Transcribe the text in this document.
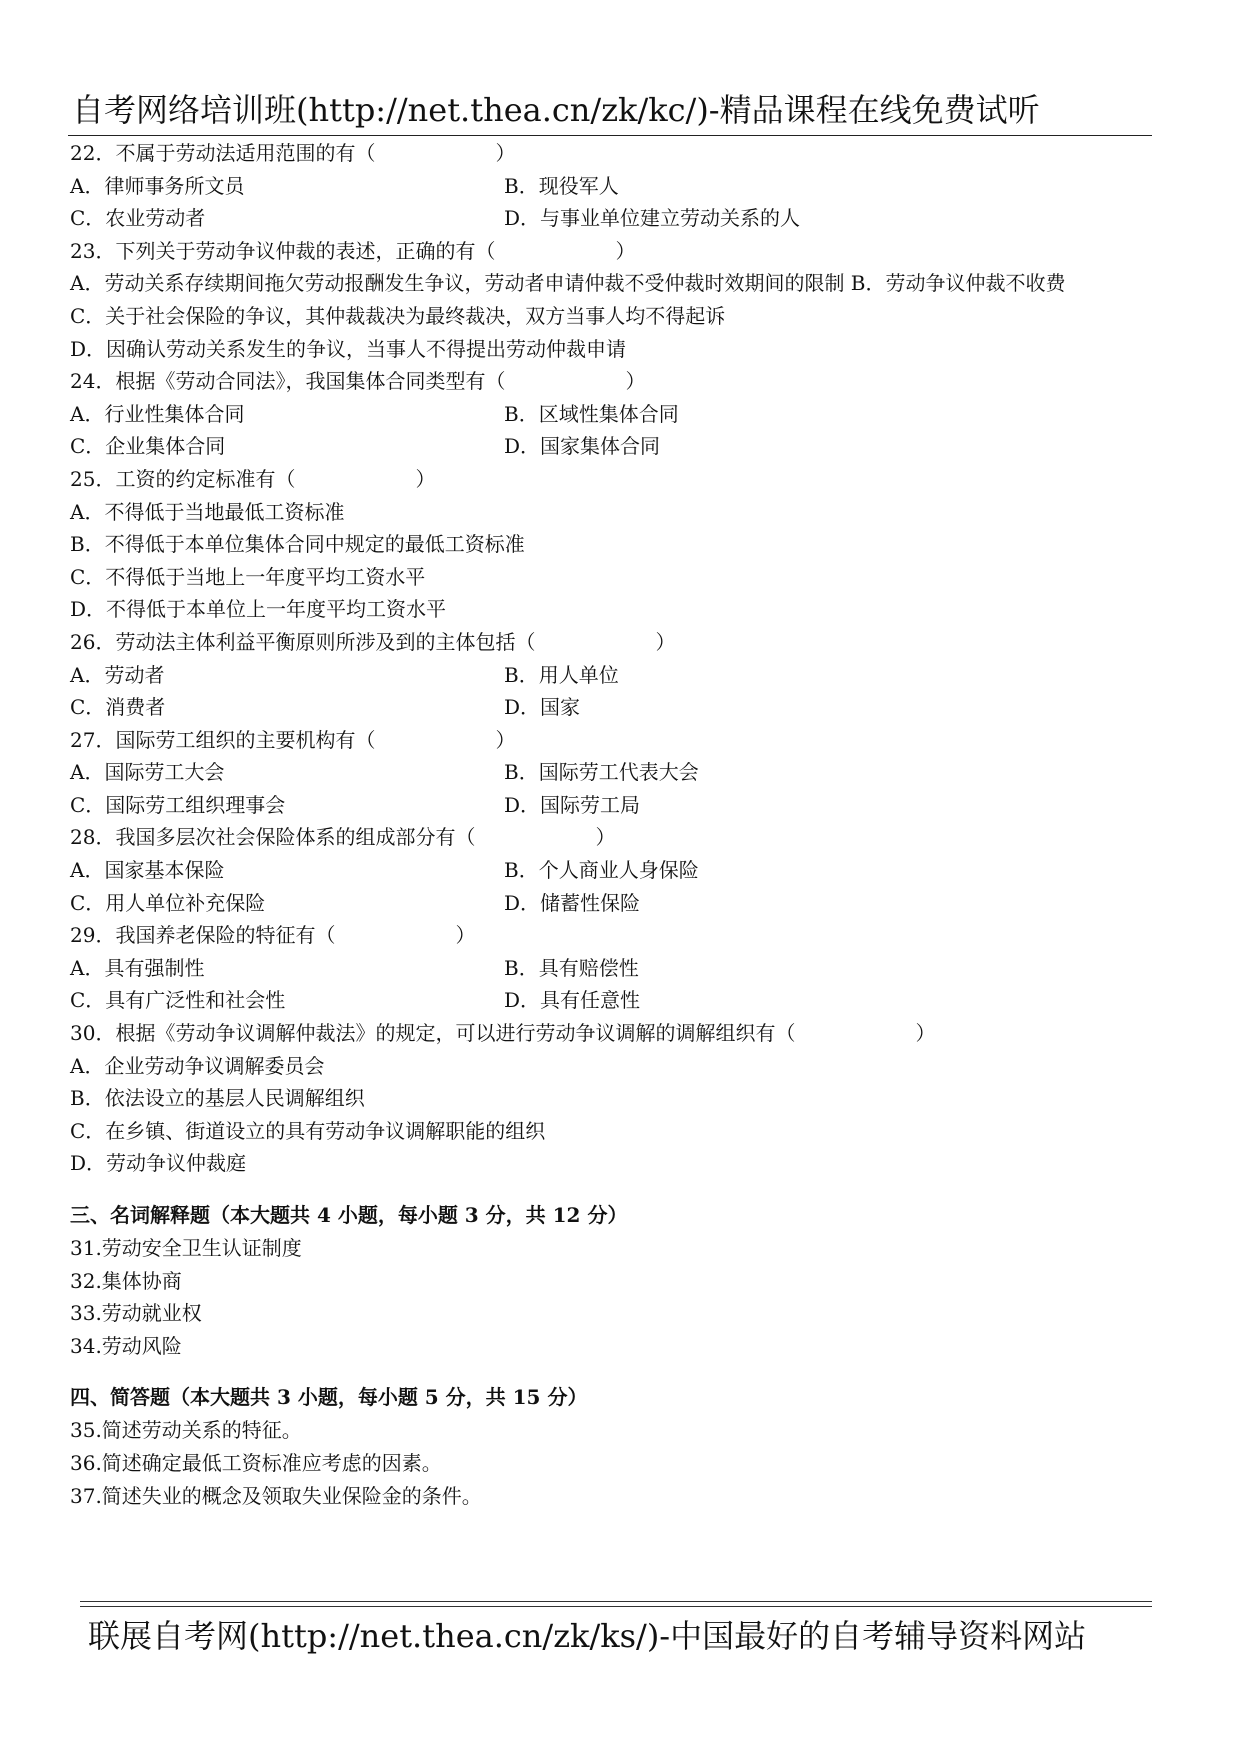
自考网络培训班(http://net.thea.cn/zk/kc/)-精品课程在线免费试听
22．不属于劳动法适用范围的有（　　　　　　）
A．律师事务所文员	B．现役军人
C．农业劳动者	D．与事业单位建立劳动关系的人
23．下列关于劳动争议仲裁的表述，正确的有（　　　　　　）
A．劳动关系存续期间拖欠劳动报酬发生争议，劳动者申请仲裁不受仲裁时效期间的限制 B．劳动争议仲裁不收费
C．关于社会保险的争议，其仲裁裁决为最终裁决，双方当事人均不得起诉
D．因确认劳动关系发生的争议，当事人不得提出劳动仲裁申请
24．根据《劳动合同法》，我国集体合同类型有（　　　　　　）
A．行业性集体合同	B．区域性集体合同
C．企业集体合同	D．国家集体合同
25．工资的约定标准有（　　　　　　）
A．不得低于当地最低工资标准
B．不得低于本单位集体合同中规定的最低工资标准
C．不得低于当地上一年度平均工资水平
D．不得低于本单位上一年度平均工资水平
26．劳动法主体利益平衡原则所涉及到的主体包括（　　　　　　）
A．劳动者	B．用人单位
C．消费者	D．国家
27．国际劳工组织的主要机构有（　　　　　　）
A．国际劳工大会	B．国际劳工代表大会
C．国际劳工组织理事会	D．国际劳工局
28．我国多层次社会保险体系的组成部分有（　　　　　　）
A．国家基本保险	B．个人商业人身保险
C．用人单位补充保险	D．储蓄性保险
29．我国养老保险的特征有（　　　　　　）
A．具有强制性	B．具有赔偿性
C．具有广泛性和社会性	D．具有任意性
30．根据《劳动争议调解仲裁法》的规定，可以进行劳动争议调解的调解组织有（　　　　　　）
A．企业劳动争议调解委员会
B．依法设立的基层人民调解组织
C．在乡镇、街道设立的具有劳动争议调解职能的组织
D．劳动争议仲裁庭
三、名词解释题（本大题共 4 小题，每小题 3 分，共 12 分）
31.劳动安全卫生认证制度
32.集体协商
33.劳动就业权
34.劳动风险
四、简答题（本大题共 3 小题，每小题 5 分，共 15 分）
35.简述劳动关系的特征。
36.简述确定最低工资标准应考虑的因素。
37.简述失业的概念及领取失业保险金的条件。
联展自考网(http://net.thea.cn/zk/ks/)-中国最好的自考辅导资料网站
